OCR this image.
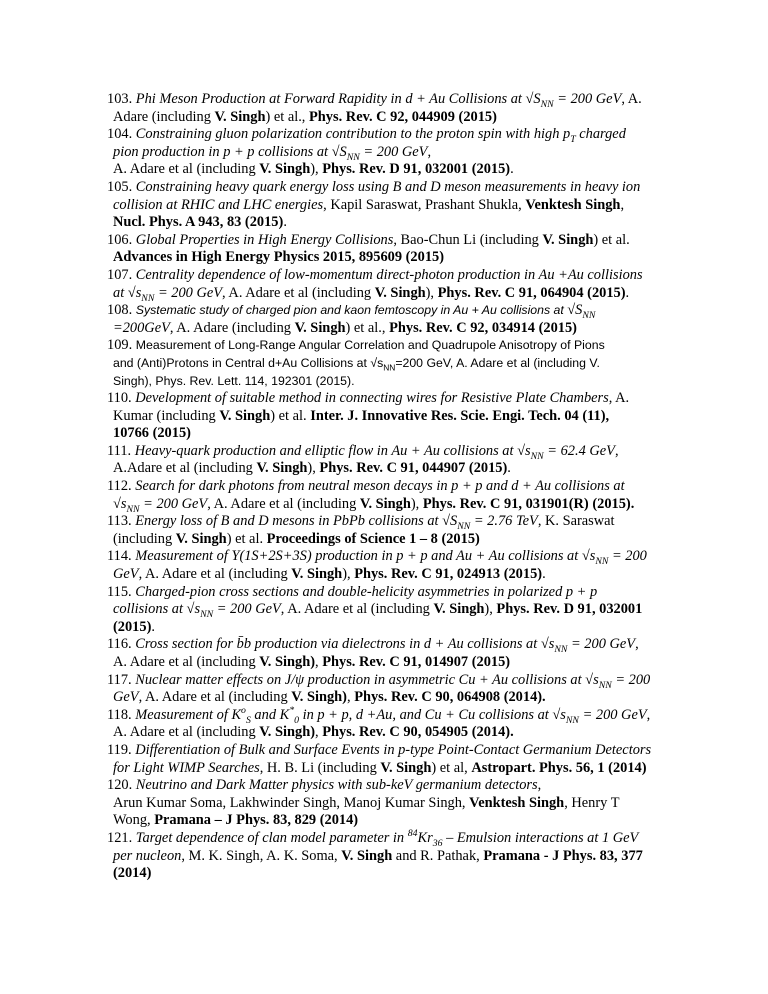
103. Phi Meson Production at Forward Rapidity in d + Au Collisions at $√S_{NN} = 200$ GeV, A.
Adare (including V. Singh) et al., Phys. Rev. C 92, 044909 (2015)
104. Constraining gluon polarization contribution to the proton spin with high $p_T$ charged
pion production in p + p collisions at $√S_{NN} = 200$ GeV,
A. Adare et al (including V. Singh), Phys. Rev. D 91, 032001 (2015).
105. Constraining heavy quark energy loss using B and D meson measurements in heavy ion
collision at RHIC and LHC energies, Kapil Saraswat, Prashant Shukla, Venktesh Singh,
Nucl. Phys. A 943, 83 (2015).
106. Global Properties in High Energy Collisions, Bao-Chun Li (including V. Singh) et al.
Advances in High Energy Physics 2015, 895609 (2015)
107. Centrality dependence of low-momentum direct-photon production in Au +Au collisions
at $√s_{NN} = 200$ GeV, A. Adare et al (including V. Singh), Phys. Rev. C 91, 064904 (2015).
108. Systematic study of charged pion and kaon femtoscopy in Au + Au collisions at $√S_{NN}$
=200GeV, A. Adare (including V. Singh) et al., Phys. Rev. C 92, 034914 (2015)
109. Measurement of Long-Range Angular Correlation and Quadrupole Anisotropy of Pions
and (Anti)Protons in Central d+Au Collisions at $√s_{NN}=200$ GeV, A. Adare et al (including V.
Singh), Phys. Rev. Lett. 114, 192301 (2015).
110. Development of suitable method in connecting wires for Resistive Plate Chambers, A.
Kumar (including V. Singh) et al. Inter. J. Innovative Res. Scie. Engi. Tech. 04 (11),
10766 (2015)
111. Heavy-quark production and elliptic flow in Au + Au collisions at $√s_{NN} = 62.4$ GeV,
A.Adare et al (including V. Singh), Phys. Rev. C 91, 044907 (2015).
112. Search for dark photons from neutral meson decays in p + p and d + Au collisions at
$√s_{NN} = 200$ GeV, A. Adare et al (including V. Singh), Phys. Rev. C 91, 031901(R) (2015).
113. Energy loss of B and D mesons in PbPb collisions at $√S_{NN} = 2.76$ TeV, K. Saraswat
(including V. Singh) et al. Proceedings of Science 1 – 8 (2015)
114. Measurement of Υ(1S+2S+3S) production in p + p and Au + Au collisions at $√s_{NN} = 200$
GeV, A. Adare et al (including V. Singh), Phys. Rev. C 91, 024913 (2015).
115. Charged-pion cross sections and double-helicity asymmetries in polarized p + p
collisions at $√s_{NN} = 200$ GeV, A. Adare et al (including V. Singh), Phys. Rev. D 91, 032001
(2015).
116. Cross section for b̄b production via dielectrons in d + Au collisions at $√s_{NN} = 200$ GeV,
A. Adare et al (including V. Singh), Phys. Rev. C 91, 014907 (2015)
117. Nuclear matter effects on J/ψ production in asymmetric Cu + Au collisions at $√s_{NN} = 200$
GeV, A. Adare et al (including V. Singh), Phys. Rev. C 90, 064908 (2014).
118. Measurement of $K^o_S$ and $K^*_0$ in p + p, d +Au, and Cu + Cu collisions at $√s_{NN} = 200$ GeV,
A. Adare et al (including V. Singh), Phys. Rev. C 90, 054905 (2014).
119. Differentiation of Bulk and Surface Events in p-type Point-Contact Germanium Detectors
for Light WIMP Searches, H. B. Li (including V. Singh) et al, Astropart. Phys. 56, 1 (2014)
120. Neutrino and Dark Matter physics with sub-keV germanium detectors,
Arun Kumar Soma, Lakhwinder Singh, Manoj Kumar Singh, Venktesh Singh, Henry T
Wong, Pramana – J Phys. 83, 829 (2014)
121. Target dependence of clan model parameter in $^{84}Kr_{36}$ – Emulsion interactions at 1 GeV
per nucleon, M. K. Singh, A. K. Soma, V. Singh and R. Pathak, Pramana - J Phys. 83, 377
(2014)
